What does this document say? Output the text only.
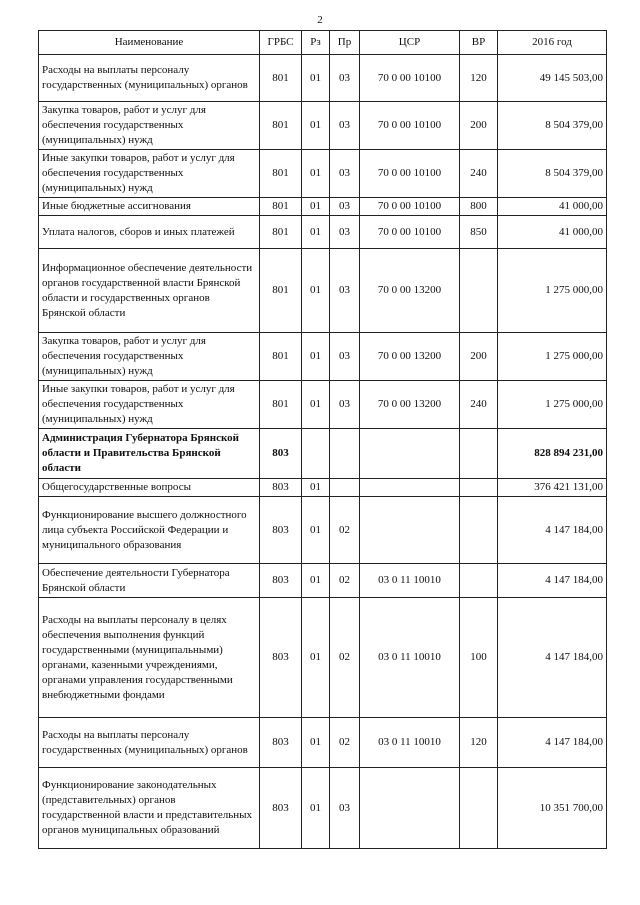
2
Наименование	ГРБС	Рз	Пр	ЦСР	ВР	2016 год
Расходы на выплаты персоналу государственных (муниципальных) органов	801	01	03	70 0 00 10100	120	49 145 503,00
Закупка товаров, работ и услуг для обеспечения государственных (муниципальных) нужд	801	01	03	70 0 00 10100	200	8 504 379,00
Иные закупки товаров, работ и услуг для обеспечения государственных (муниципальных) нужд	801	01	03	70 0 00 10100	240	8 504 379,00
Иные бюджетные ассигнования	801	01	03	70 0 00 10100	800	41 000,00
Уплата налогов, сборов и иных платежей	801	01	03	70 0 00 10100	850	41 000,00
Информационное обеспечение деятельности органов государственной власти Брянской области и государственных органов Брянской области	801	01	03	70 0 00 13200		1 275 000,00
Закупка товаров, работ и услуг для обеспечения государственных (муниципальных) нужд	801	01	03	70 0 00 13200	200	1 275 000,00
Иные закупки товаров, работ и услуг для обеспечения государственных (муниципальных) нужд	801	01	03	70 0 00 13200	240	1 275 000,00
Администрация Губернатора Брянской области и Правительства Брянской области	803					828 894 231,00
Общегосударственные вопросы	803	01				376 421 131,00
Функционирование высшего должностного лица субъекта Российской Федерации и муниципального образования	803	01	02			4 147 184,00
Обеспечение деятельности Губернатора Брянской области	803	01	02	03 0 11 10010		4 147 184,00
Расходы на выплаты персоналу в целях обеспечения выполнения функций государственными (муниципальными) органами, казенными учреждениями, органами управления государственными внебюджетными фондами	803	01	02	03 0 11 10010	100	4 147 184,00
Расходы на выплаты персоналу государственных (муниципальных) органов	803	01	02	03 0 11 10010	120	4 147 184,00
Функционирование законодательных (представительных) органов государственной власти и представительных органов муниципальных образований	803	01	03			10 351 700,00
